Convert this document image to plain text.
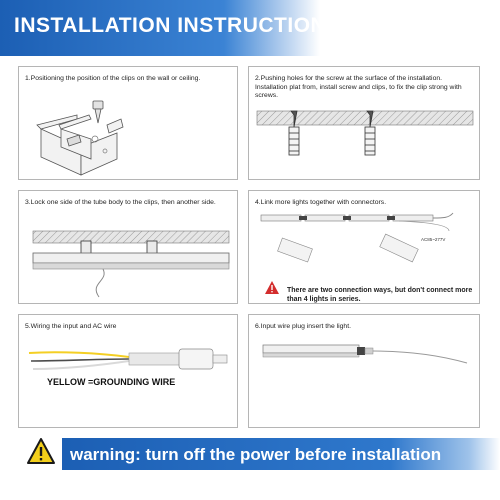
INSTALLATION INSTRUCTIONS
1.Positioning the position of the clips on the wall or ceiling.	2.Pushing holes for the screw at the surface of the installation. Installation plat from, install screw and clips, to fix the clip strong with screws.
3.Lock one side of the tube body to the clips, then another side.	4.Link more lights together with connectors.
AC85~277V
There are two connection ways, but don't connect more than 4 lights in series.
5.Wiring the input and AC wire
YELLOW =GROUNDING WIRE
6.Input wire plug insert the light.
warning: turn off the power before installation
